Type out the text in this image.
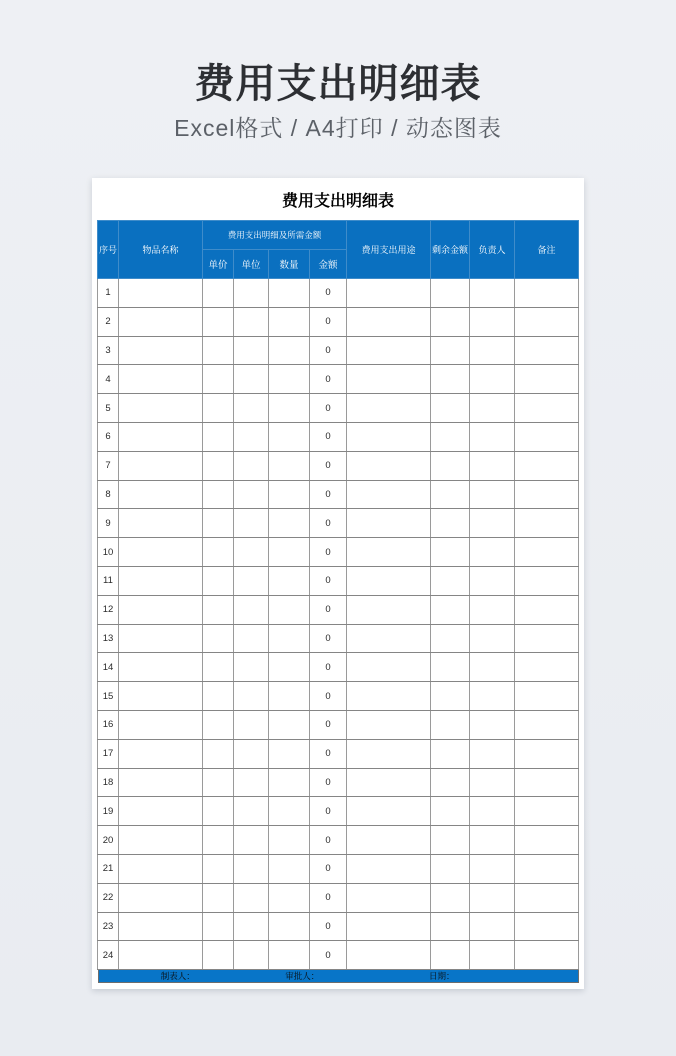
费用支出明细表

Excel格式 / A4打印 / 动态图表

费用支出明细表
序号	物品名称	费用支出明细及所需金额				费用支出用途	剩余金额	负责人	备注
		单价	单位	数量	金额				
1					0				
2					0				
3					0				
4					0				
5					0				
6					0				
7					0				
8					0				
9					0				
10					0				
11					0				
12					0				
13					0				
14					0				
15					0				
16					0				
17					0				
18					0				
19					0				
20					0				
21					0				
22					0				
23					0				
24					0				
制表人：	审批人：	日期：
